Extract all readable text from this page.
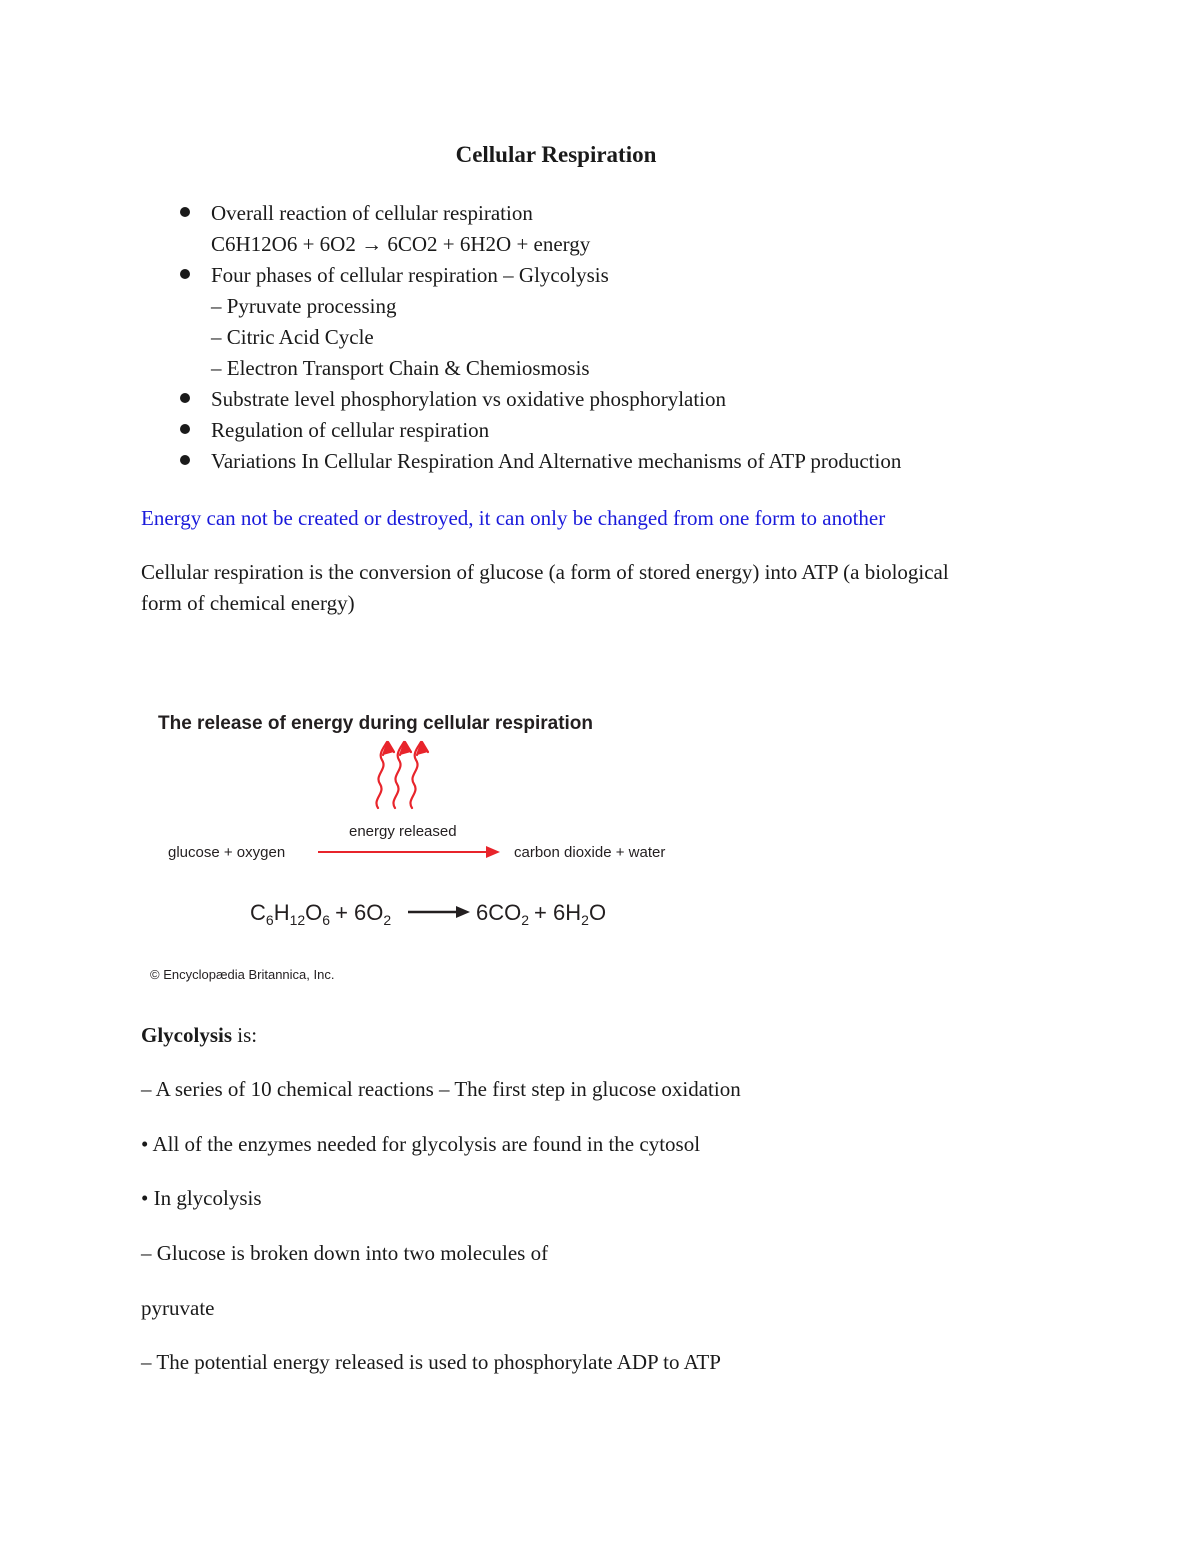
Cellular Respiration
Overall reaction of cellular respiration
C6H12O6 + 6O2 → 6CO2 + 6H2O + energy
Four phases of cellular respiration – Glycolysis
– Pyruvate processing
– Citric Acid Cycle
– Electron Transport Chain & Chemiosmosis
Substrate level phosphorylation vs oxidative phosphorylation
Regulation of cellular respiration
Variations In Cellular Respiration And Alternative mechanisms of ATP production
Energy can not be created or destroyed, it can only be changed from one form to another
Cellular respiration is the conversion of glucose (a form of stored energy) into ATP (a biological
form of chemical energy)
The release of energy during cellular respiration
energy released
glucose + oxygen	carbon dioxide + water
$C_6H_{12}O_6 + 6O_2$	$6CO_2 + 6H_2O$
© Encyclopædia Britannica, Inc.
Glycolysis is:
– A series of 10 chemical reactions – The first step in glucose oxidation
• All of the enzymes needed for glycolysis are found in the cytosol
• In glycolysis
– Glucose is broken down into two molecules of
pyruvate
– The potential energy released is used to phosphorylate ADP to ATP
